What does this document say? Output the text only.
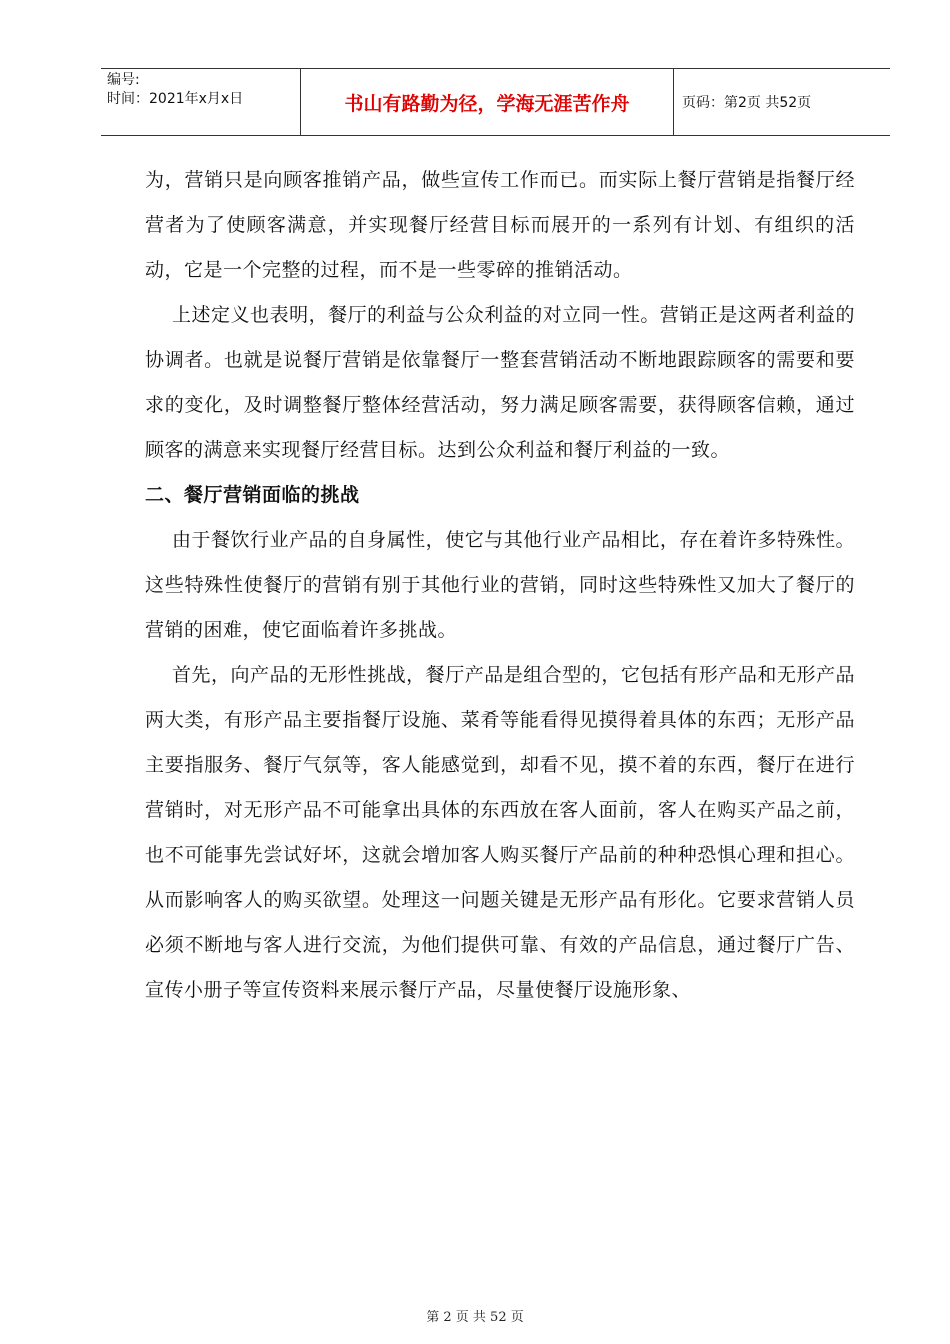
编号:
时间：2021年x月x日	书山有路勤为径，学海无涯苦作舟	页码：第2页 共52页

为，营销只是向顾客推销产品，做些宣传工作而已。而实际上餐厅营销是指餐厅经营者为了使顾客满意，并实现餐厅经营目标而展开的一系列有计划、有组织的活动，它是一个完整的过程，而不是一些零碎的推销活动。

上述定义也表明，餐厅的利益与公众利益的对立同一性。营销正是这两者利益的协调者。也就是说餐厅营销是依靠餐厅一整套营销活动不断地跟踪顾客的需要和要求的变化，及时调整餐厅整体经营活动，努力满足顾客需要，获得顾客信赖，通过顾客的满意来实现餐厅经营目标。达到公众利益和餐厅利益的一致。

二、餐厅营销面临的挑战

由于餐饮行业产品的自身属性，使它与其他行业产品相比，存在着许多特殊性。这些特殊性使餐厅的营销有别于其他行业的营销，同时这些特殊性又加大了餐厅的营销的困难，使它面临着许多挑战。

首先，向产品的无形性挑战，餐厅产品是组合型的，它包括有形产品和无形产品两大类，有形产品主要指餐厅设施、菜肴等能看得见摸得着具体的东西；无形产品主要指服务、餐厅气氛等，客人能感觉到，却看不见，摸不着的东西，餐厅在进行营销时，对无形产品不可能拿出具体的东西放在客人面前，客人在购买产品之前，也不可能事先尝试好坏，这就会增加客人购买餐厅产品前的种种恐惧心理和担心。从而影响客人的购买欲望。处理这一问题关键是无形产品有形化。它要求营销人员必须不断地与客人进行交流，为他们提供可靠、有效的产品信息，通过餐厅广告、宣传小册子等宣传资料来展示餐厅产品，尽量使餐厅设施形象、

第 2 页 共 52 页
